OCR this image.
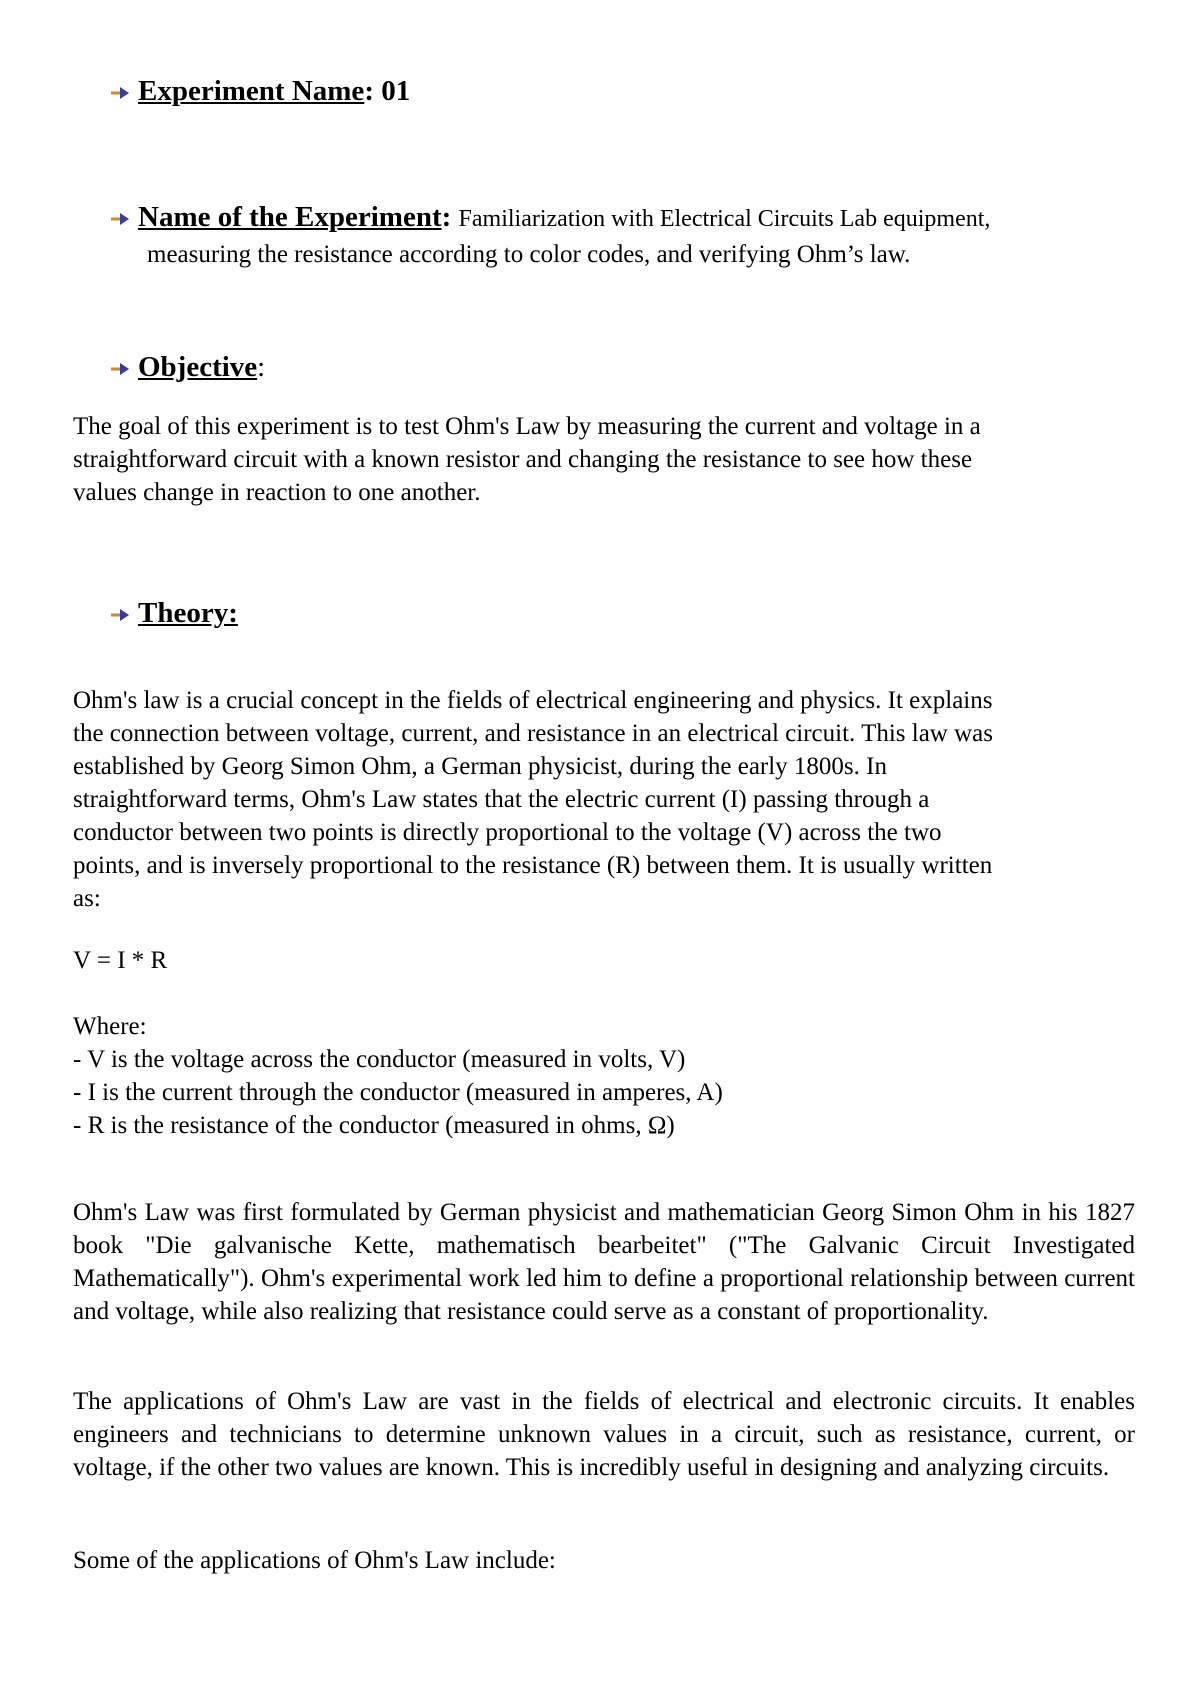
Experiment Name: 01
Name of the Experiment: Familiarization with Electrical Circuits Lab equipment,
measuring the resistance according to color codes, and verifying Ohm’s law.
Objective:
The goal of this experiment is to test Ohm's Law by measuring the current and voltage in a
straightforward circuit with a known resistor and changing the resistance to see how these
values change in reaction to one another.
Theory:
Ohm's law is a crucial concept in the fields of electrical engineering and physics. It explains
the connection between voltage, current, and resistance in an electrical circuit. This law was
established by Georg Simon Ohm, a German physicist, during the early 1800s. In
straightforward terms, Ohm's Law states that the electric current (I) passing through a
conductor between two points is directly proportional to the voltage (V) across the two
points, and is inversely proportional to the resistance (R) between them. It is usually written
as:
V = I * R
Where:
- V is the voltage across the conductor (measured in volts, V)
- I is the current through the conductor (measured in amperes, A)
- R is the resistance of the conductor (measured in ohms, Ω)
Ohm's Law was first formulated by German physicist and mathematician Georg Simon Ohm in his 1827 book "Die galvanische Kette, mathematisch bearbeitet" ("The Galvanic Circuit Investigated Mathematically"). Ohm's experimental work led him to define a proportional relationship between current and voltage, while also realizing that resistance could serve as a constant of proportionality.
The applications of Ohm's Law are vast in the fields of electrical and electronic circuits. It enables engineers and technicians to determine unknown values in a circuit, such as resistance, current, or voltage, if the other two values are known. This is incredibly useful in designing and analyzing circuits.
Some of the applications of Ohm's Law include:
